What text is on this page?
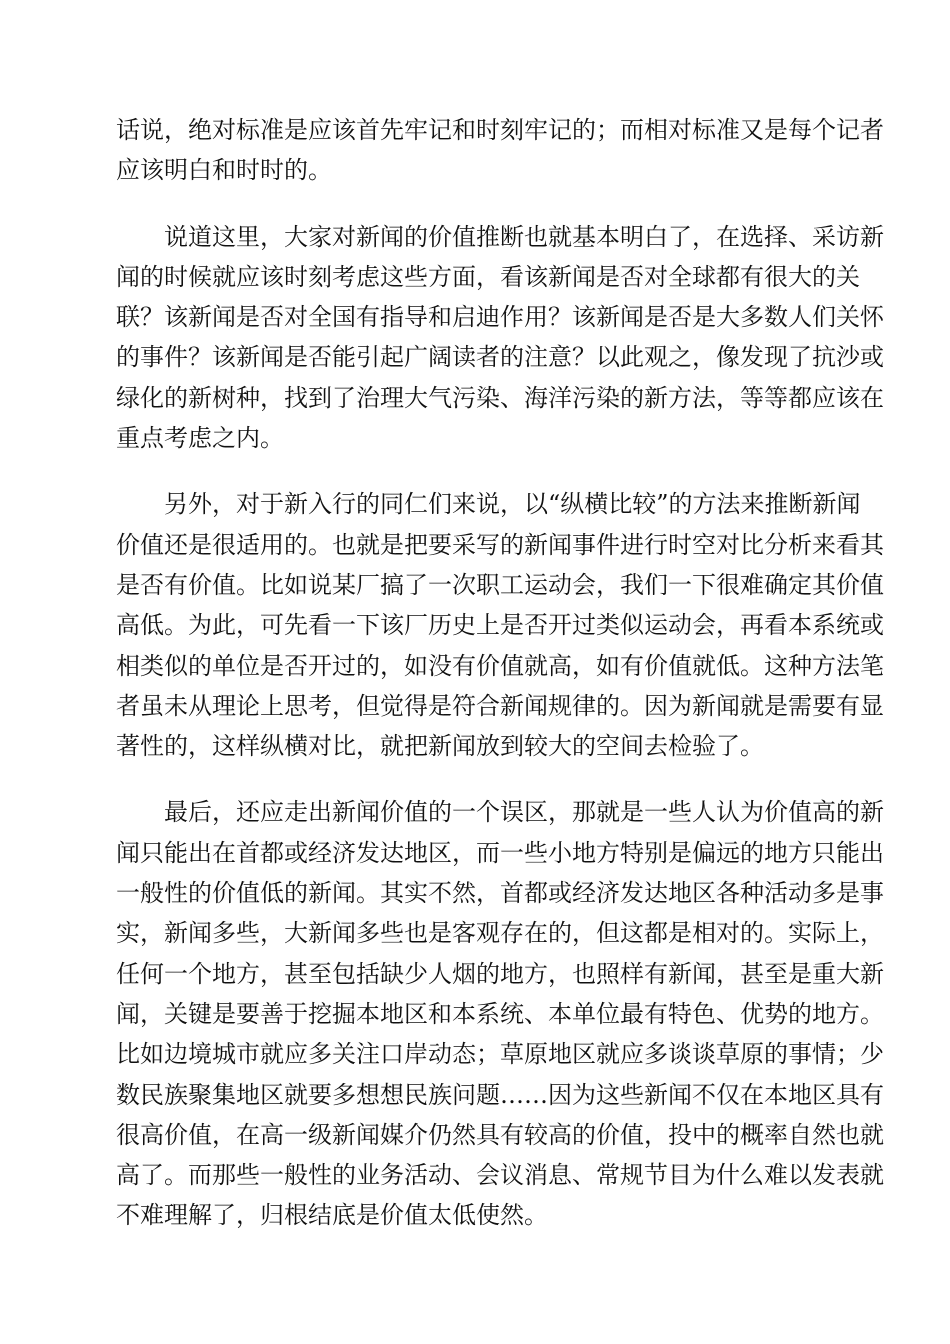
话说，绝对标准是应该首先牢记和时刻牢记的；而相对标准又是每个记者
应该明白和时时的。
说道这里，大家对新闻的价值推断也就基本明白了，在选择、采访新
闻的时候就应该时刻考虑这些方面，看该新闻是否对全球都有很大的关
联？该新闻是否对全国有指导和启迪作用？该新闻是否是大多数人们关怀
的事件？该新闻是否能引起广阔读者的注意？以此观之，像发现了抗沙或
绿化的新树种，找到了治理大气污染、海洋污染的新方法，等等都应该在
重点考虑之内。
另外，对于新入行的同仁们来说，以“纵横比较”的方法来推断新闻
价值还是很适用的。也就是把要采写的新闻事件进行时空对比分析来看其
是否有价值。比如说某厂搞了一次职工运动会，我们一下很难确定其价值
高低。为此，可先看一下该厂历史上是否开过类似运动会，再看本系统或
相类似的单位是否开过的，如没有价值就高，如有价值就低。这种方法笔
者虽未从理论上思考，但觉得是符合新闻规律的。因为新闻就是需要有显
著性的，这样纵横对比，就把新闻放到较大的空间去检验了。
最后，还应走出新闻价值的一个误区，那就是一些人认为价值高的新
闻只能出在首都或经济发达地区，而一些小地方特别是偏远的地方只能出
一般性的价值低的新闻。其实不然，首都或经济发达地区各种活动多是事
实，新闻多些，大新闻多些也是客观存在的，但这都是相对的。实际上，
任何一个地方，甚至包括缺少人烟的地方，也照样有新闻，甚至是重大新
闻，关键是要善于挖掘本地区和本系统、本单位最有特色、优势的地方。
比如边境城市就应多关注口岸动态；草原地区就应多谈谈草原的事情；少
数民族聚集地区就要多想想民族问题……因为这些新闻不仅在本地区具有
很高价值，在高一级新闻媒介仍然具有较高的价值，投中的概率自然也就
高了。而那些一般性的业务活动、会议消息、常规节目为什么难以发表就
不难理解了，归根结底是价值太低使然。
